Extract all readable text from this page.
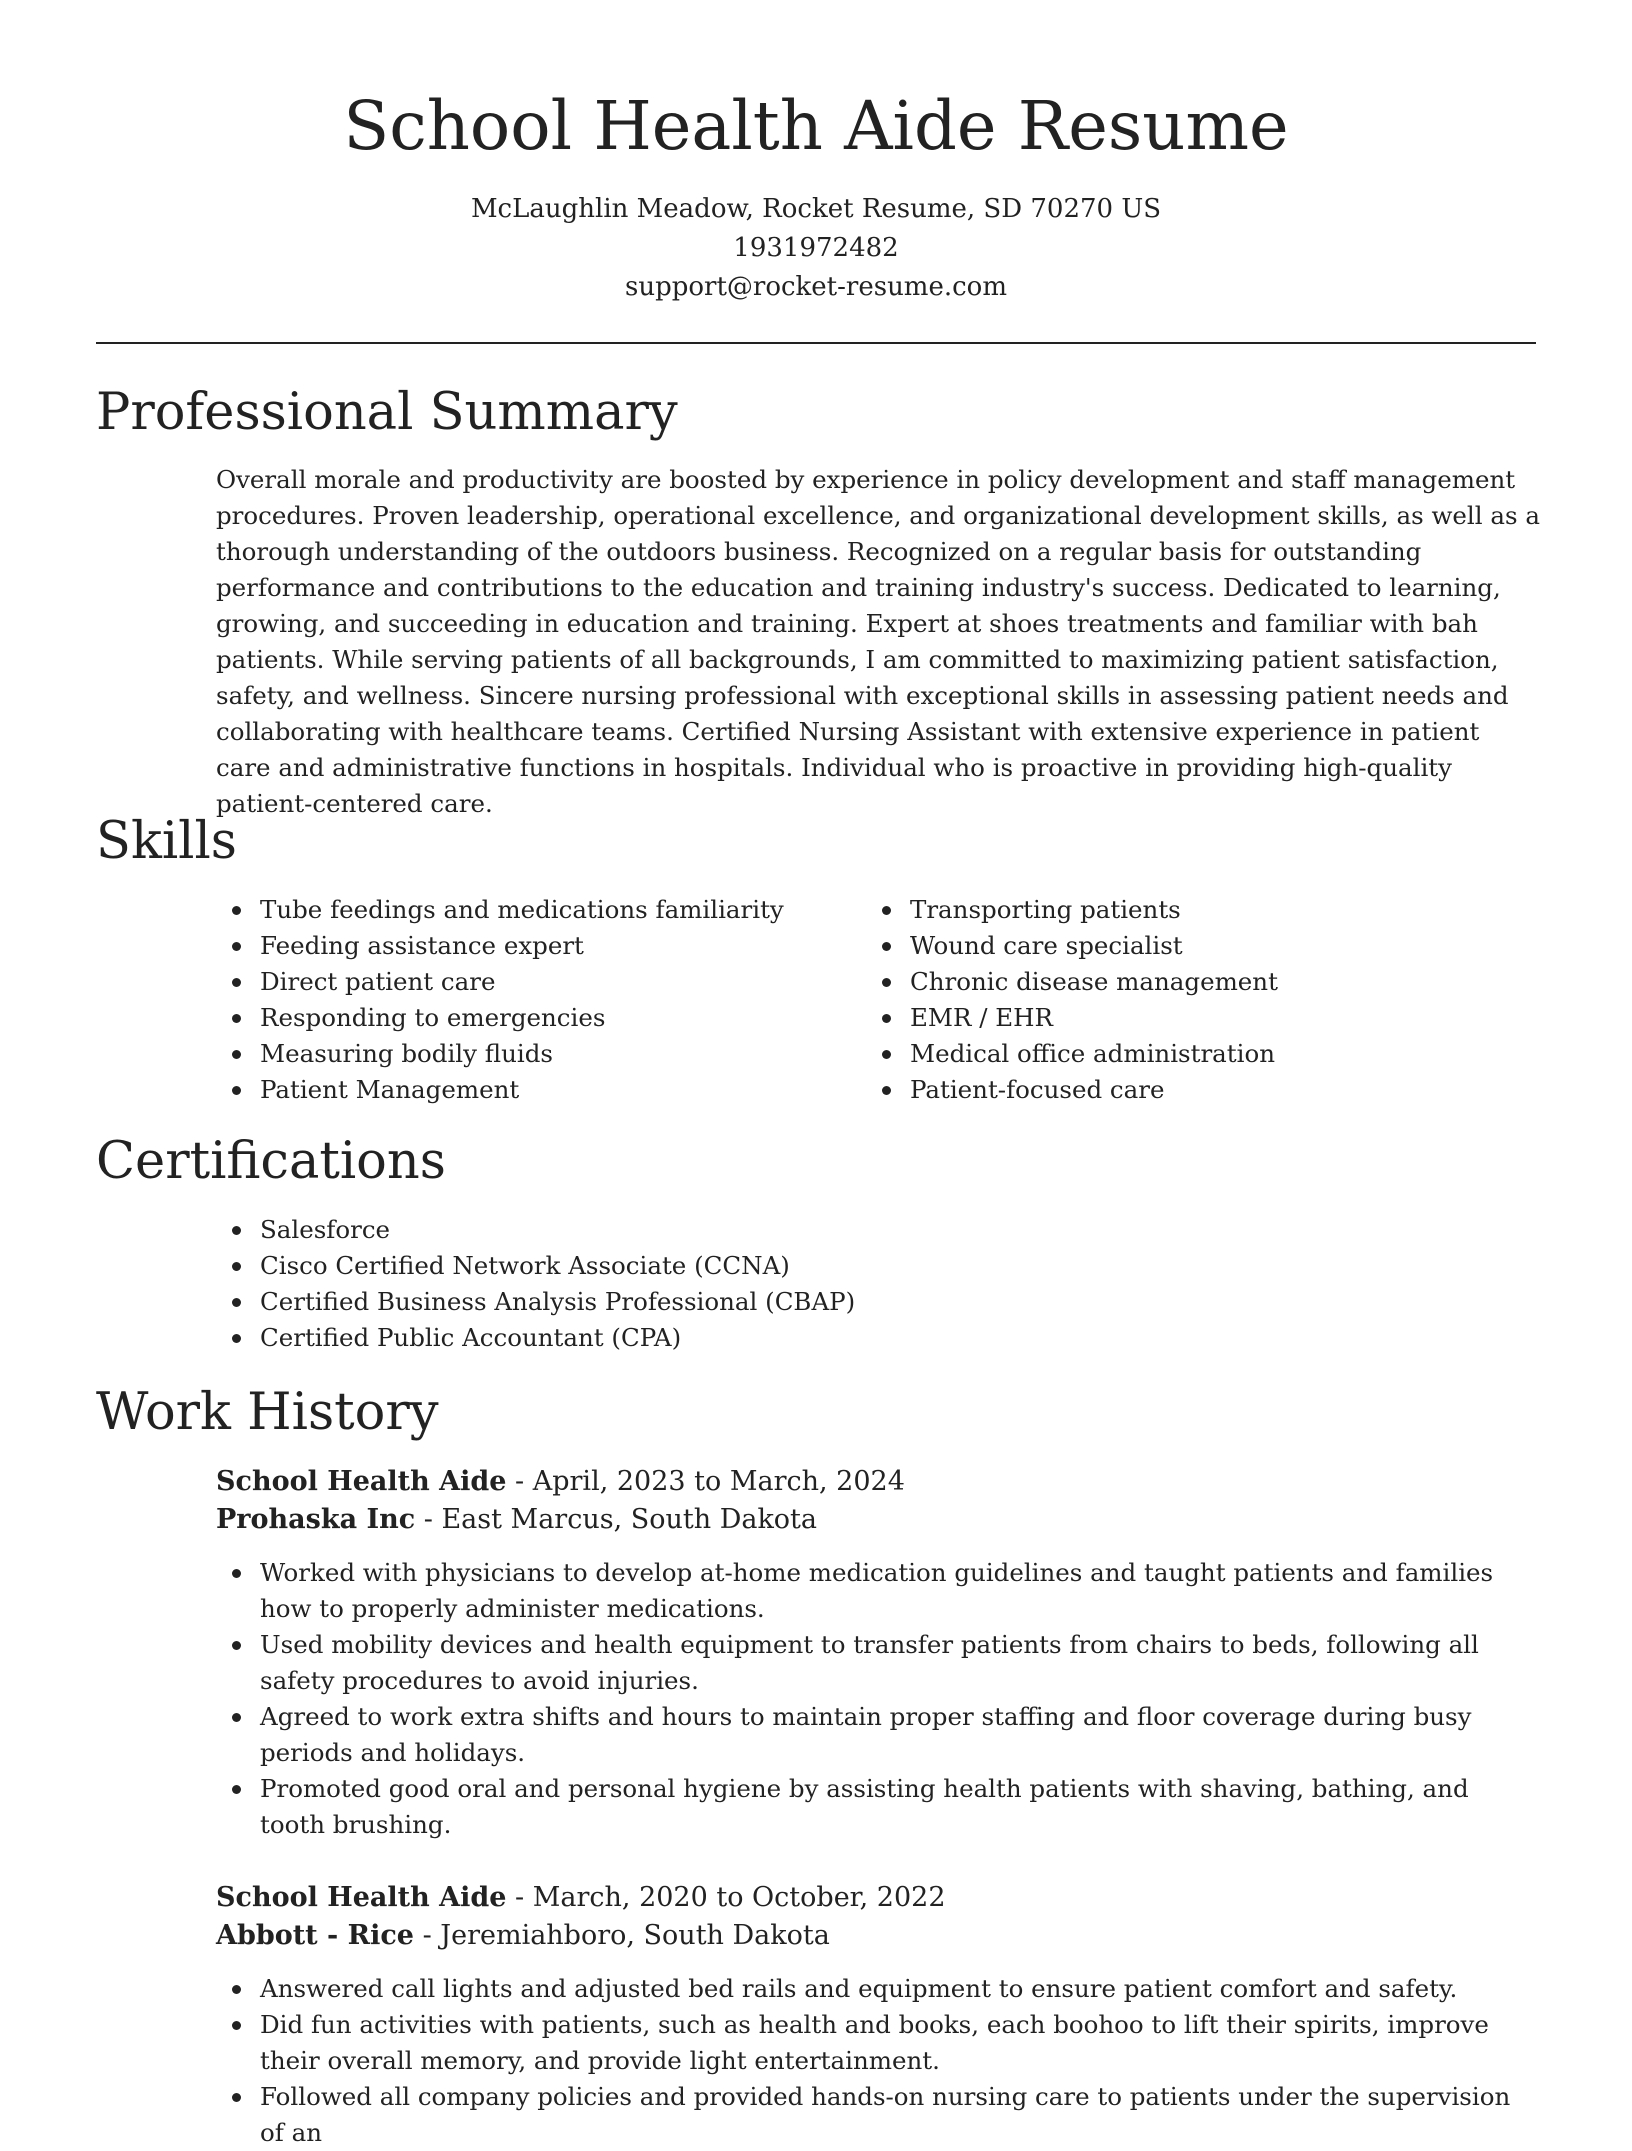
School Health Aide Resume
McLaughlin Meadow, Rocket Resume, SD 70270 US
1931972482
support@rocket-resume.com
Professional Summary

Overall morale and productivity are boosted by experience in policy development and staff management procedures. Proven leadership, operational excellence, and organizational development skills, as well as a thorough understanding of the outdoors business. Recognized on a regular basis for outstanding performance and contributions to the education and training industry's success. Dedicated to learning, growing, and succeeding in education and training. Expert at shoes treatments and familiar with bah patients. While serving patients of all backgrounds, I am committed to maximizing patient satisfaction, safety, and wellness. Sincere nursing professional with exceptional skills in assessing patient needs and collaborating with healthcare teams. Certified Nursing Assistant with extensive experience in patient care and administrative functions in hospitals. Individual who is proactive in providing high-quality patient-centered care.

Skills
Tube feedings and medications familiarity
Feeding assistance expert
Direct patient care
Responding to emergencies
Measuring bodily fluids
Patient Management
Transporting patients
Wound care specialist
Chronic disease management
EMR / EHR
Medical office administration
Patient-focused care
Certifications
Salesforce
Cisco Certified Network Associate (CCNA)
Certified Business Analysis Professional (CBAP)
Certified Public Accountant (CPA)
Work History

School Health Aide - April, 2023 to March, 2024

Prohaska Inc - East Marcus, South Dakota

Worked with physicians to develop at-home medication guidelines and taught patients and families how to properly administer medications.
Used mobility devices and health equipment to transfer patients from chairs to beds, following all safety procedures to avoid injuries.
Agreed to work extra shifts and hours to maintain proper staffing and floor coverage during busy periods and holidays.
Promoted good oral and personal hygiene by assisting health patients with shaving, bathing, and tooth brushing.

School Health Aide - March, 2020 to October, 2022

Abbott - Rice - Jeremiahboro, South Dakota

Answered call lights and adjusted bed rails and equipment to ensure patient comfort and safety.
Did fun activities with patients, such as health and books, each boohoo to lift their spirits, improve their overall memory, and provide light entertainment.
Followed all company policies and provided hands-on nursing care to patients under the supervision of an
